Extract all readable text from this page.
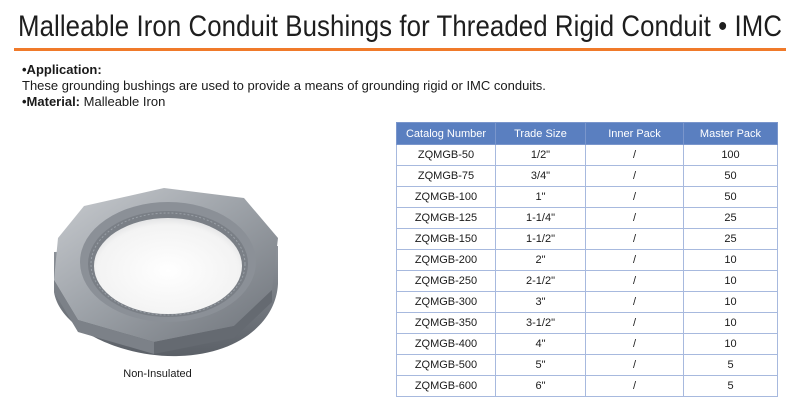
Malleable Iron Conduit Bushings for Threaded Rigid Conduit • IMC
•Application:
These grounding bushings are used to provide a means of grounding rigid or IMC conduits.
•Material: Malleable Iron
Non-Insulated
Catalog Number	Trade Size	Inner Pack	Master Pack
ZQMGB-50	1/2"	/	100
ZQMGB-75	3/4"	/	50
ZQMGB-100	1"	/	50
ZQMGB-125	1-1/4"	/	25
ZQMGB-150	1-1/2"	/	25
ZQMGB-200	2"	/	10
ZQMGB-250	2-1/2"	/	10
ZQMGB-300	3"	/	10
ZQMGB-350	3-1/2"	/	10
ZQMGB-400	4"	/	10
ZQMGB-500	5"	/	5
ZQMGB-600	6"	/	5
